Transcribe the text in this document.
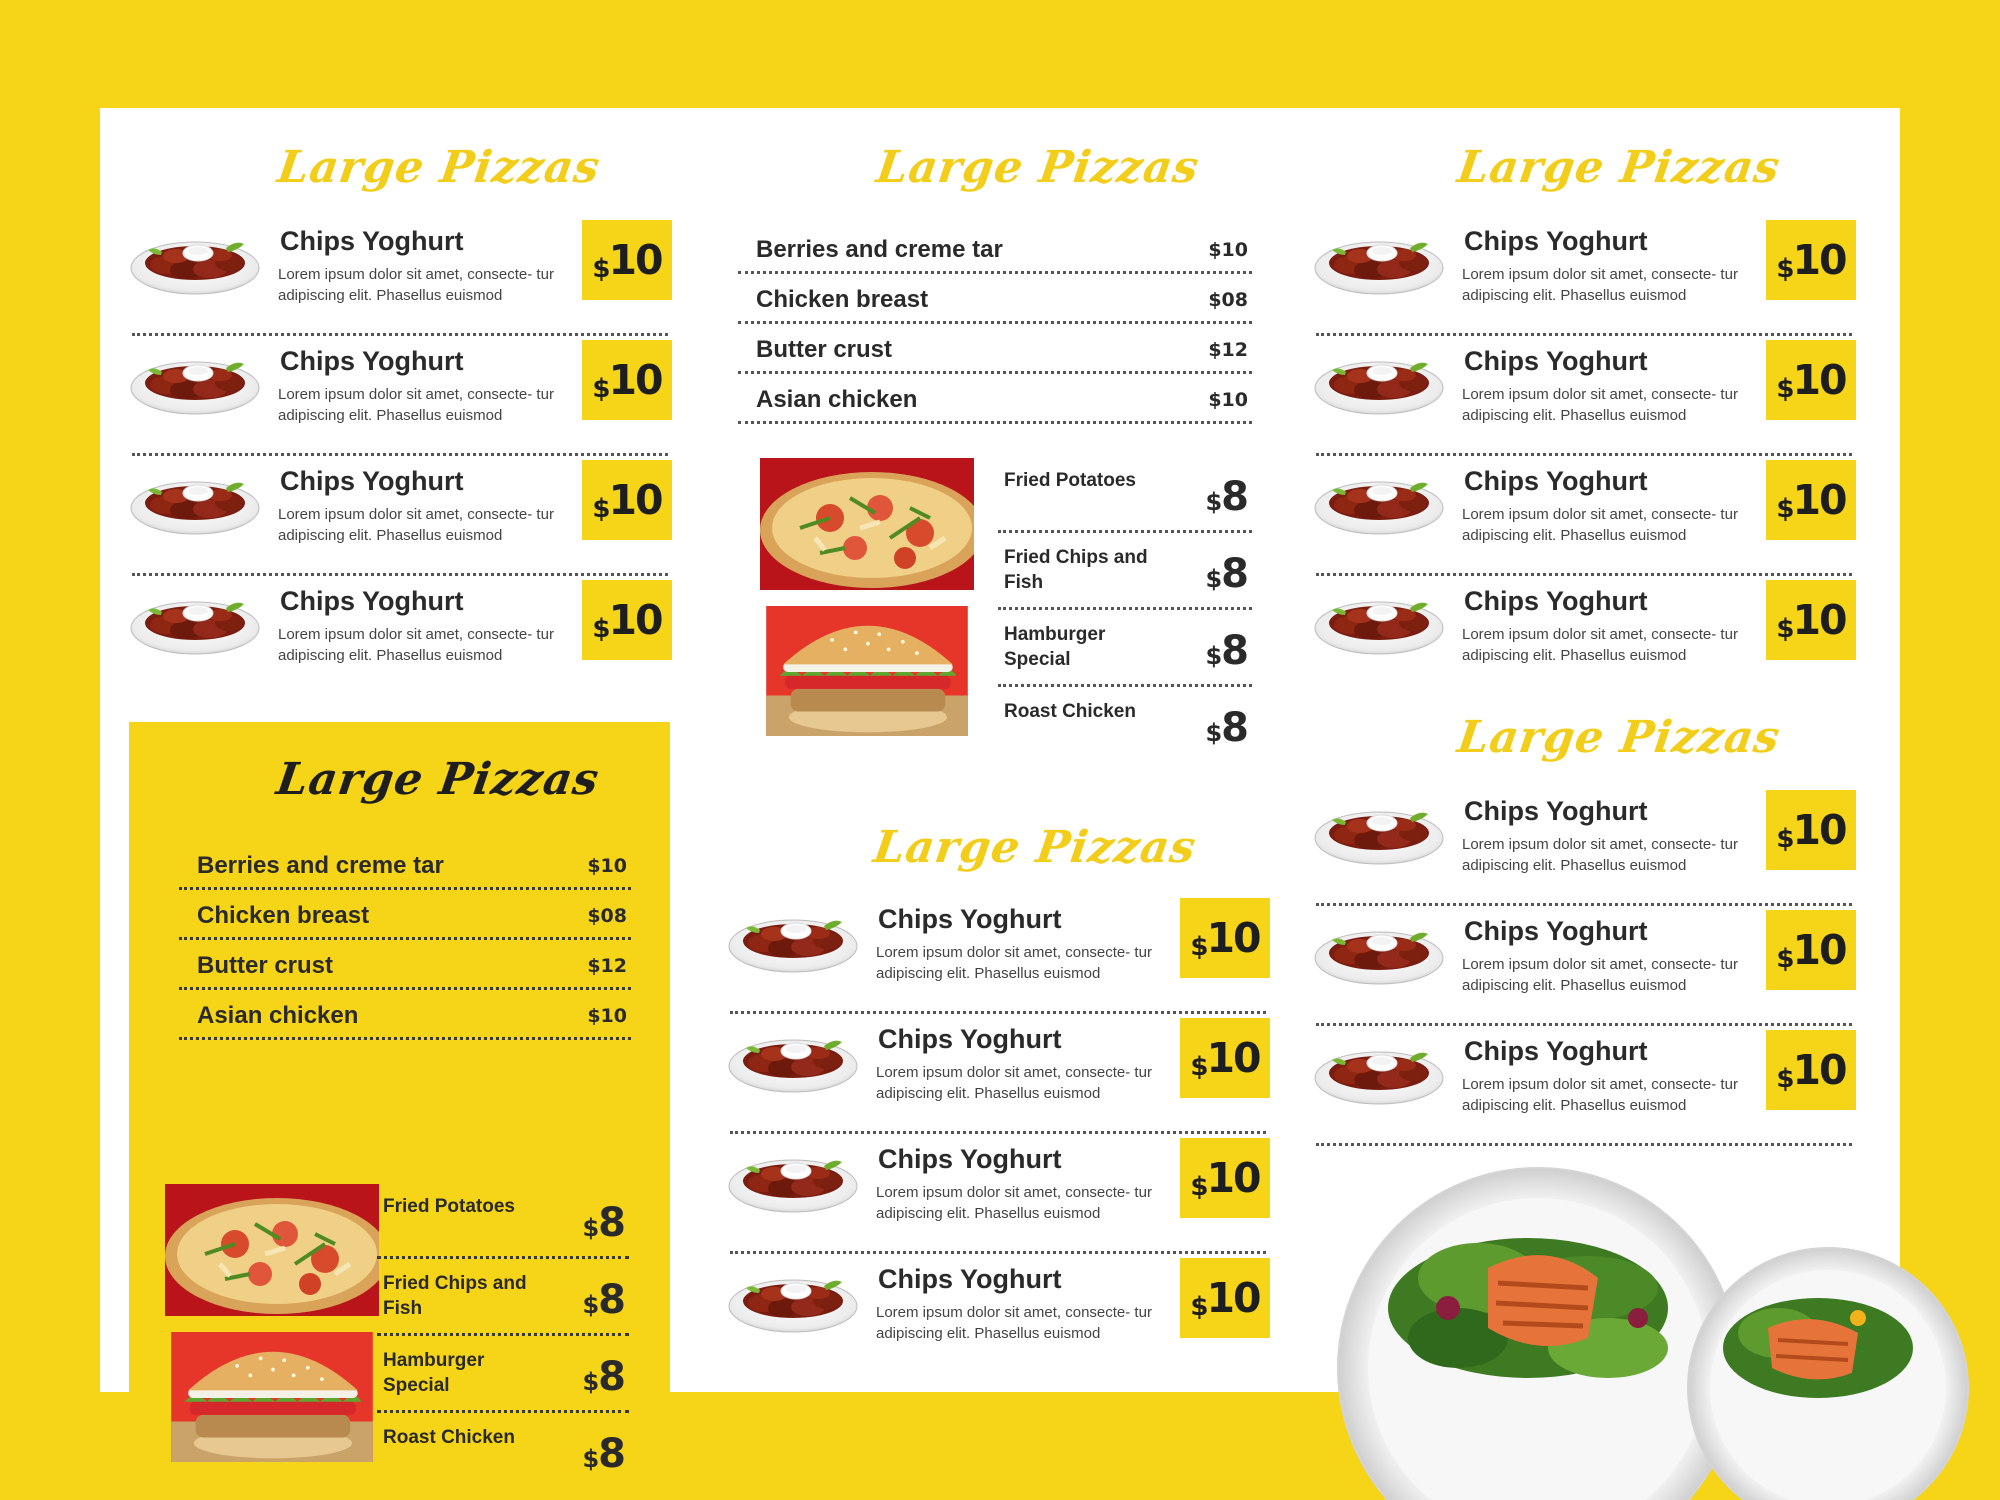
Large Pizzas
Chips Yoghurt
Lorem ipsum dolor sit amet, consecte- tur adipiscing elit. Phasellus euismod
$10
Chips Yoghurt
Lorem ipsum dolor sit amet, consecte- tur adipiscing elit. Phasellus euismod
$10
Chips Yoghurt
Lorem ipsum dolor sit amet, consecte- tur adipiscing elit. Phasellus euismod
$10
Chips Yoghurt
Lorem ipsum dolor sit amet, consecte- tur adipiscing elit. Phasellus euismod
$10
Large Pizzas
Berries and creme tar	$10
Chicken breast	$08
Butter crust	$12
Asian chicken	$10
Fried Potatoes
$8
Fried Chips and Fish	$8
Hamburger Special	$8
Roast Chicken
$8
Large Pizzas
Berries and creme tar	$10
Chicken breast	$08
Butter crust	$12
Asian chicken	$10
Fried Potatoes
$8
Fried Chips and Fish	$8
Hamburger Special	$8
Roast Chicken
$8
Large Pizzas
Chips Yoghurt
Lorem ipsum dolor sit amet, consecte- tur adipiscing elit. Phasellus euismod
$10
Chips Yoghurt
Lorem ipsum dolor sit amet, consecte- tur adipiscing elit. Phasellus euismod
$10
Chips Yoghurt
Lorem ipsum dolor sit amet, consecte- tur adipiscing elit. Phasellus euismod
$10
Chips Yoghurt
Lorem ipsum dolor sit amet, consecte- tur adipiscing elit. Phasellus euismod
$10
Large Pizzas
Chips Yoghurt
Lorem ipsum dolor sit amet, consecte- tur adipiscing elit. Phasellus euismod
$10
Chips Yoghurt
Lorem ipsum dolor sit amet, consecte- tur adipiscing elit. Phasellus euismod
$10
Chips Yoghurt
Lorem ipsum dolor sit amet, consecte- tur adipiscing elit. Phasellus euismod
$10
Chips Yoghurt
Lorem ipsum dolor sit amet, consecte- tur adipiscing elit. Phasellus euismod
$10
Large Pizzas
Chips Yoghurt
Lorem ipsum dolor sit amet, consecte- tur adipiscing elit. Phasellus euismod
$10
Chips Yoghurt
Lorem ipsum dolor sit amet, consecte- tur adipiscing elit. Phasellus euismod
$10
Chips Yoghurt
Lorem ipsum dolor sit amet, consecte- tur adipiscing elit. Phasellus euismod
$10
